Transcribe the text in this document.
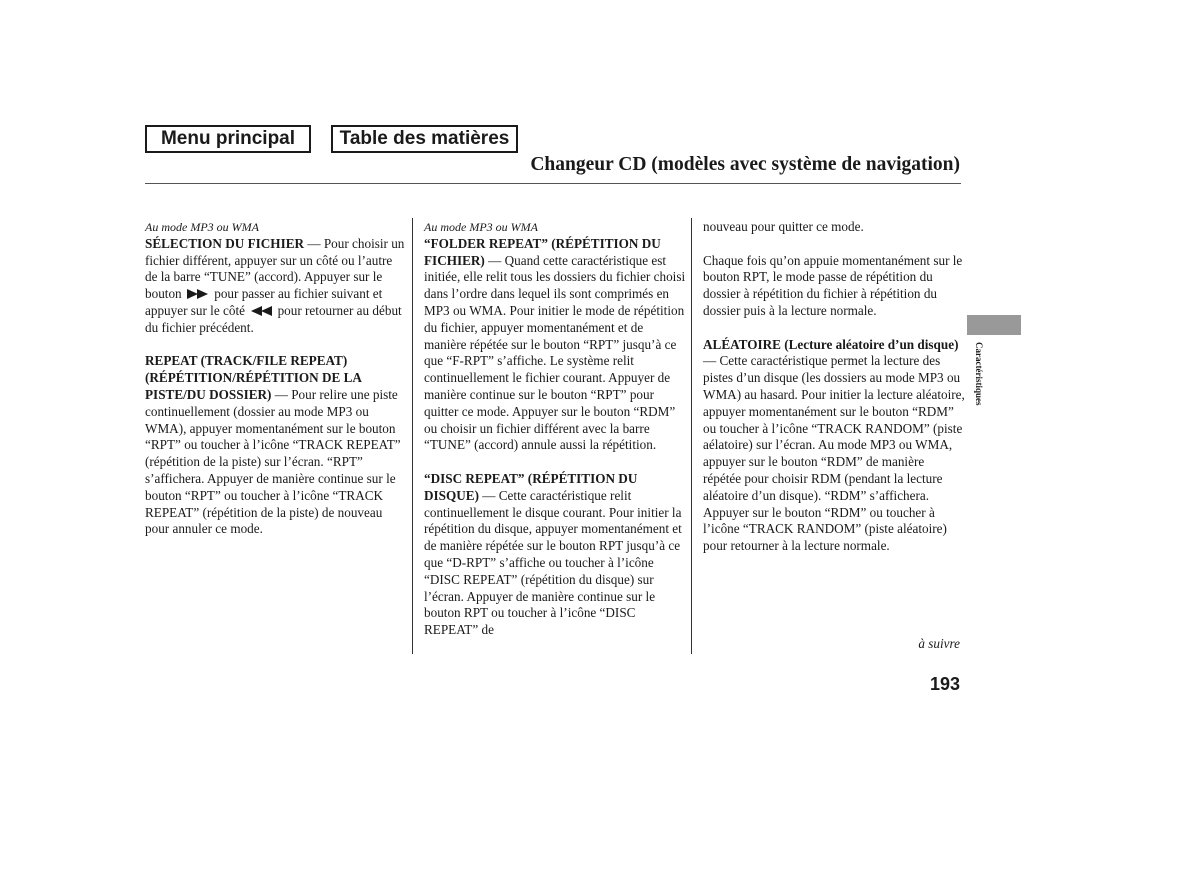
Menu principal	Table des matières
Changeur CD (modèles avec système de navigation)
Au mode MP3 ou WMA

SÉLECTION DU FICHIER — Pour choisir un fichier différent, appuyer sur un côté ou l’autre de la barre “TUNE” (accord). Appuyer sur le bouton  pour passer au fichier suivant et appuyer sur le côté  pour retourner au début du fichier précédent.

REPEAT (TRACK/FILE REPEAT) (RÉPÉTITION/RÉPÉTITION DE LA PISTE/DU DOSSIER) — Pour relire une piste continuellement (dossier au mode MP3 ou WMA), appuyer momentanément sur le bouton “RPT” ou toucher à l’icône “TRACK REPEAT” (répétition de la piste) sur l’écran. “RPT” s’affichera. Appuyer de manière continue sur le bouton “RPT” ou toucher à l’icône “TRACK REPEAT” (répétition de la piste) de nouveau pour annuler ce mode.

Au mode MP3 ou WMA

“FOLDER REPEAT” (RÉPÉTITION DU FICHIER) — Quand cette caractéristique est initiée, elle relit tous les dossiers du fichier choisi dans l’ordre dans lequel ils sont comprimés en MP3 ou WMA. Pour initier le mode de répétition du fichier, appuyer momentanément et de manière répétée sur le bouton “RPT” jusqu’à ce que “F-RPT” s’affiche. Le système relit continuellement le fichier courant. Appuyer de manière continue sur le bouton “RPT” pour quitter ce mode. Appuyer sur le bouton “RDM” ou choisir un fichier différent avec la barre “TUNE” (accord) annule aussi la répétition.

“DISC REPEAT” (RÉPÉTITION DU DISQUE) — Cette caractéristique relit continuellement le disque courant. Pour initier la répétition du disque, appuyer momentanément et de manière répétée sur le bouton RPT jusqu’à ce que “D-RPT” s’affiche ou toucher à l’icône “DISC REPEAT” (répétition du disque) sur l’écran. Appuyer de manière continue sur le bouton RPT ou toucher à l’icône “DISC REPEAT” de

nouveau pour quitter ce mode.

Chaque fois qu’on appuie momentanément sur le bouton RPT, le mode passe de répétition du dossier à répétition du fichier à répétition du dossier puis à la lecture normale.

ALÉATOIRE (Lecture aléatoire d’un disque) — Cette caractéristique permet la lecture des pistes d’un disque (les dossiers au mode MP3 ou WMA) au hasard. Pour initier la lecture aléatoire, appuyer momentanément sur le bouton “RDM” ou toucher à l’icône “TRACK RANDOM” (piste aélatoire) sur l’écran. Au mode MP3 ou WMA, appuyer sur le bouton “RDM” de manière répétée pour choisir RDM (pendant la lecture aléatoire d’un disque). “RDM” s’affichera. Appuyer sur le bouton “RDM” ou toucher à l’icône “TRACK RANDOM” (piste aléatoire) pour retourner à la lecture normale.

Caractéristiques
à suivre
193
